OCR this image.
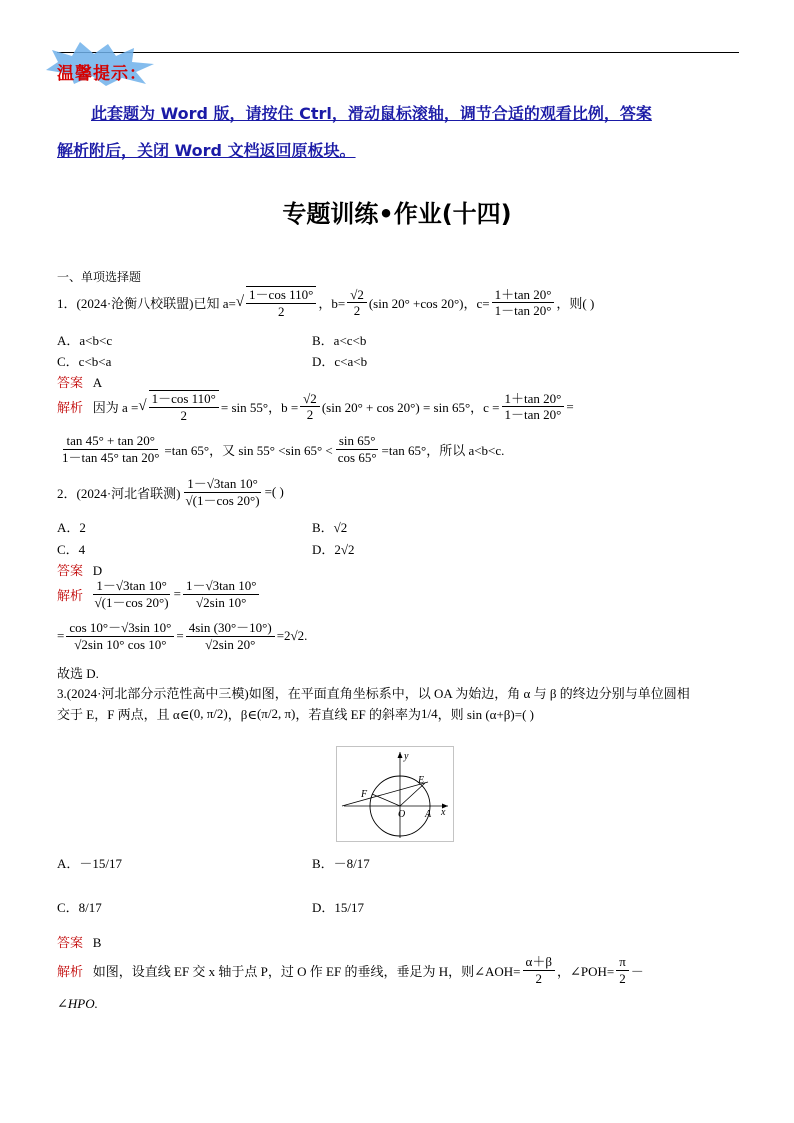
温馨提示：
此套题为 Word 版，请按住 Ctrl，滑动鼠标滚轴，调节合适的观看比例，答案
解析附后，关闭 Word 文档返回原板块。
专题训练•作业(十四)
一、单项选择题
1．(2024·沧衡八校联盟)已知 a= √ $\frac{1-\cos 110^\circ}{2}$ ，$b= \frac{√2}{2} (\sin$ 20° +cos 20°)，$c= \frac{1+\tan 20^\circ}{1-\tan 20^\circ}$ ，则( )
A．a<b<c	B．a<c<b
C．c<b<a	D．c<a<b
答案 A
解析
因为 a = √ $\frac{1-\cos 110^\circ}{2} = \sin 55^\circ$，$b = \frac{√2}{2} (\sin$ 20° + cos 20°) = sin 65°，$c = \frac{1+\tan 20^\circ}{1-\tan 20^\circ}$ =
$\frac{\tan 45^\circ + \tan 20^\circ}{1-\tan 45^\circ \tan 20^\circ} =\tan$ 65°，又 sin 55° <sin $65^\circ < \frac{\sin 65^\circ}{\cos 65^\circ} =\tan$ 65°，所以 a<b<c.
2．(2024·河北省联测) $\frac{1-√3\tan 10^\circ}{√(1-\cos 20^\circ)}$ =( )
A．2	B．√2
C．4	D．2√2
答案 D
解析
$\frac{1-√3\tan 10^\circ}{√(1-\cos 20^\circ)} = \frac{1-√3\tan 10^\circ}{√2\sin 10^\circ}$
= $\frac{\cos 10^\circ-√3\sin 10^\circ}{√2\sin 10^\circ \cos 10^\circ} = \frac{4\sin (30^\circ-10^\circ)}{√2\sin 20^\circ} =2√2$.
故选 D.
3.(2024·河北部分示范性高中三模)如图，在平面直角坐标系中，以 OA 为始边，角 α 与 β 的终边分别与单位圆相
交于 E，F 两点，且 α∈ (0, π/2) ，β∈ (π/2, π) ，若直线 EF 的斜率为 1/4 ，则 sin (α+β)=( )
y
x
E
F
O A
A．－15/17	B．－8/17
C．8/17	D．15/17
答案 B
解析
如图，设直线 EF 交 x 轴于点 P，过 O 作 EF 的垂线，垂足为 H，则∠AOH= $\frac{\alpha+\beta}{2}$ ，∠POH= $\frac{\pi}{2}$ －
∠HPO.
